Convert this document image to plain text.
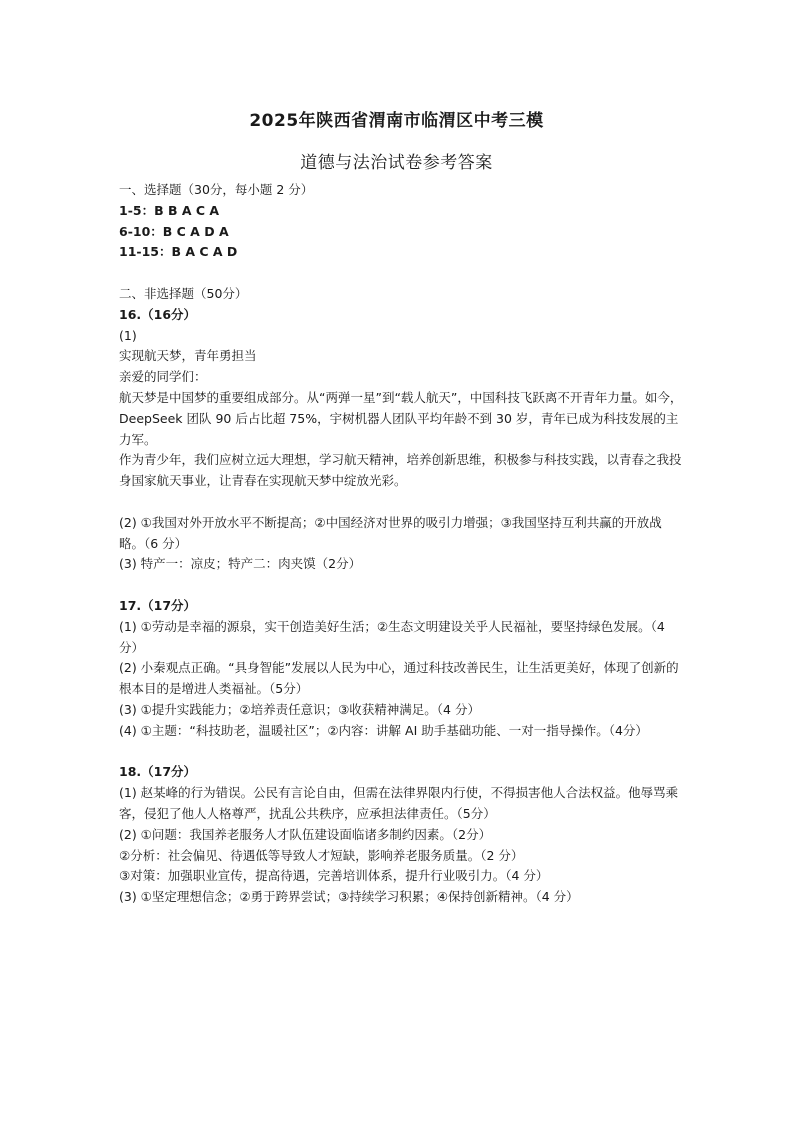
2025年陕西省渭南市临渭区中考三模
道德与法治试卷参考答案
一、选择题（30分，每小题 2 分）
1-5：B B A C A
6-10：B C A D A
11-15：B A C A D
二、非选择题（50分）
16.（16分）
(1)
实现航天梦，青年勇担当
亲爱的同学们：
航天梦是中国梦的重要组成部分。从“两弹一星”到“载人航天”，中国科技飞跃离不开青年力量。如今，DeepSeek 团队 90 后占比超 75%，宇树机器人团队平均年龄不到 30 岁，青年已成为科技发展的主力军。
作为青少年，我们应树立远大理想，学习航天精神，培养创新思维，积极参与科技实践，以青春之我投身国家航天事业，让青春在实现航天梦中绽放光彩。
(2) ①我国对外开放水平不断提高；②中国经济对世界的吸引力增强；③我国坚持互利共赢的开放战略。（6 分）
(3) 特产一：凉皮；特产二：肉夹馍（2分）
17.（17分）
(1) ①劳动是幸福的源泉，实干创造美好生活；②生态文明建设关乎人民福祉，要坚持绿色发展。（4 分）
(2) 小秦观点正确。“具身智能”发展以人民为中心，通过科技改善民生，让生活更美好，体现了创新的根本目的是增进人类福祉。（5分）
(3) ①提升实践能力；②培养责任意识；③收获精神满足。（4 分）
(4) ①主题：“科技助老，温暖社区”；②内容：讲解 AI 助手基础功能、一对一指导操作。（4分）
18.（17分）
(1) 赵某峰的行为错误。公民有言论自由，但需在法律界限内行使，不得损害他人合法权益。他辱骂乘客，侵犯了他人人格尊严，扰乱公共秩序，应承担法律责任。（5分）
(2) ①问题：我国养老服务人才队伍建设面临诸多制约因素。（2分）
②分析：社会偏见、待遇低等导致人才短缺，影响养老服务质量。（2 分）
③对策：加强职业宣传，提高待遇，完善培训体系，提升行业吸引力。（4 分）
(3) ①坚定理想信念；②勇于跨界尝试；③持续学习积累；④保持创新精神。（4 分）
